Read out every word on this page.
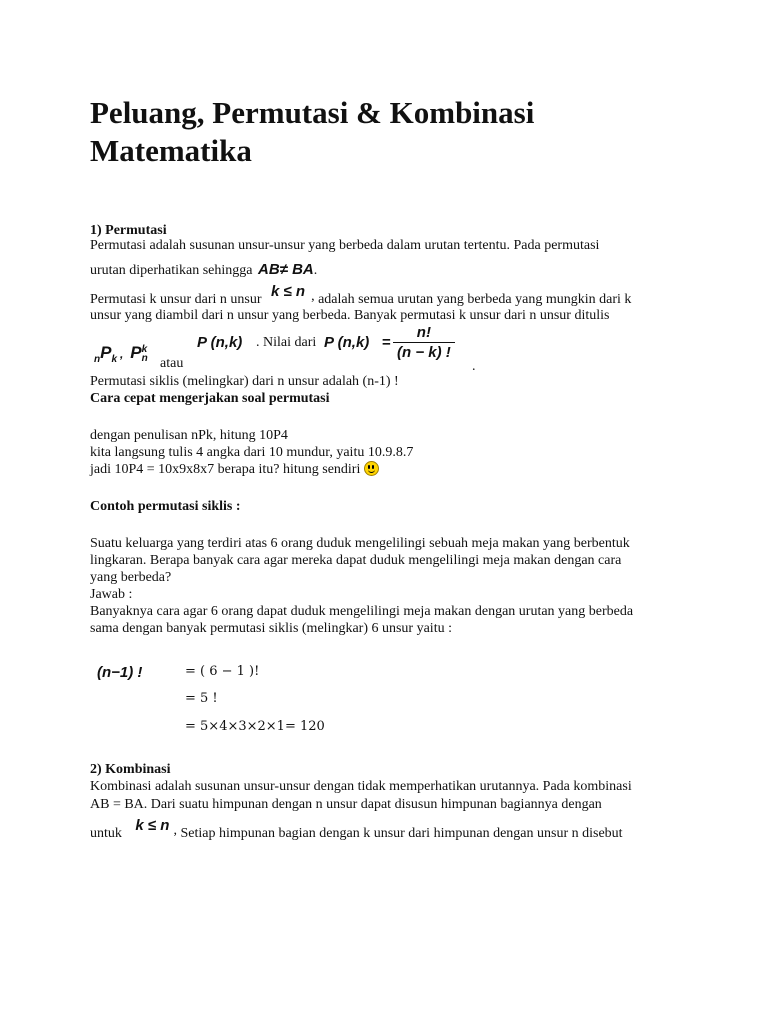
Peluang, Permutasi & Kombinasi Matematika
1) Permutasi
Permutasi adalah susunan unsur-unsur yang berbeda dalam urutan tertentu. Pada permutasi
urutan diperhatikan sehingga AB≠ BA.
Permutasi k unsur dari n unsur k ≤ n , adalah semua urutan yang berbeda yang mungkin dari k
unsur yang diambil dari n unsur yang berbeda. Banyak permutasi k unsur dari n unsur ditulis
$_nP_k$ , P k
n atau
P (n,k) . Nilai dari P $(n,k) = \frac{n!}{(n - k) !}$
.
Permutasi siklis (melingkar) dari n unsur adalah (n-1) !
Cara cepat mengerjakan soal permutasi
dengan penulisan nPk, hitung 10P4
kita langsung tulis 4 angka dari 10 mundur, yaitu 10.9.8.7
jadi 10P4 = 10x9x8x7 berapa itu? hitung sendiri
Contoh permutasi siklis :
Suatu keluarga yang terdiri atas 6 orang duduk mengelilingi sebuah meja makan yang berbentuk
lingkaran. Berapa banyak cara agar mereka dapat duduk mengelilingi meja makan dengan cara
yang berbeda?
Jawab :
Banyaknya cara agar 6 orang dapat duduk mengelilingi meja makan dengan urutan yang berbeda
sama dengan banyak permutasi siklis (melingkar) 6 unsur yaitu :
(n−1) !	= ( 6 − 1 )!
= 5 !
= 5×4×3×2×1= 120
2) Kombinasi
Kombinasi adalah susunan unsur-unsur dengan tidak memperhatikan urutannya. Pada kombinasi
AB = BA. Dari suatu himpunan dengan n unsur dapat disusun himpunan bagiannya dengan
untuk k ≤ n , Setiap himpunan bagian dengan k unsur dari himpunan dengan unsur n disebut
